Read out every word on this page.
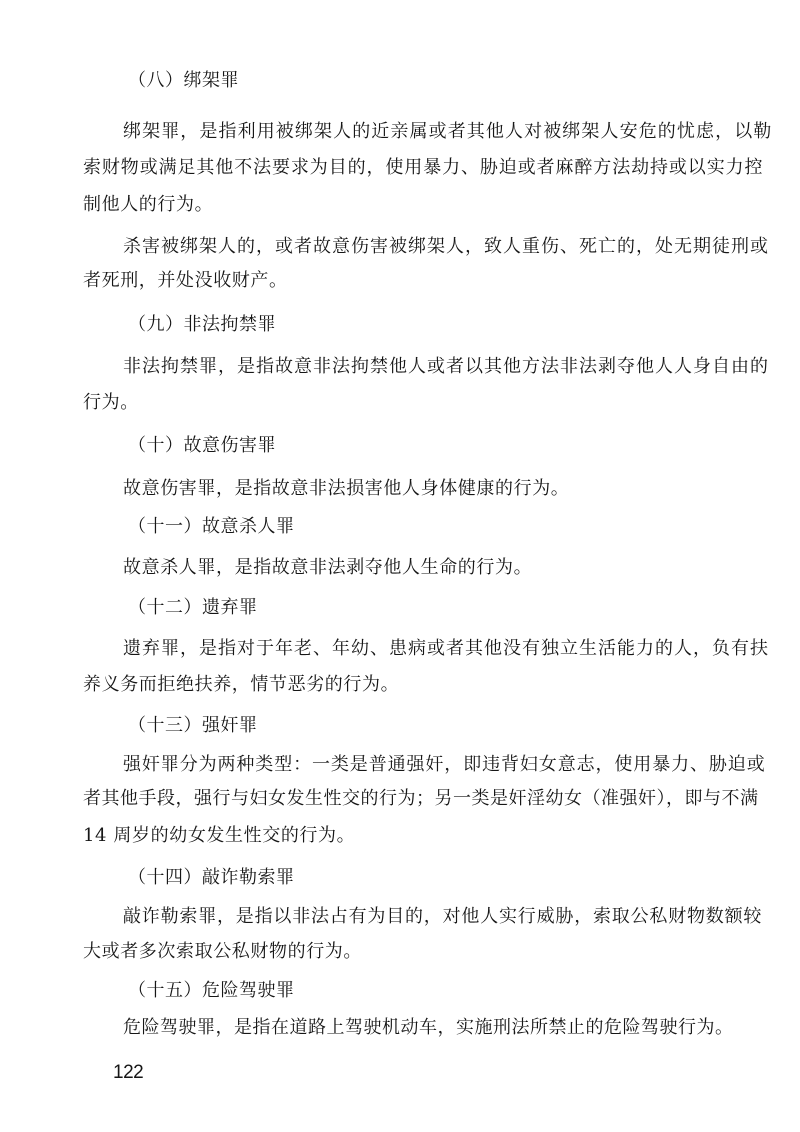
（八）绑架罪
绑架罪，是指利用被绑架人的近亲属或者其他人对被绑架人安危的忧虑，以勒
索财物或满足其他不法要求为目的，使用暴力、胁迫或者麻醉方法劫持或以实力控
制他人的行为。
杀害被绑架人的，或者故意伤害被绑架人，致人重伤、死亡的，处无期徒刑或
者死刑，并处没收财产。
（九）非法拘禁罪
非法拘禁罪，是指故意非法拘禁他人或者以其他方法非法剥夺他人人身自由的
行为。
（十）故意伤害罪
故意伤害罪，是指故意非法损害他人身体健康的行为。
（十一）故意杀人罪
故意杀人罪，是指故意非法剥夺他人生命的行为。
（十二）遗弃罪
遗弃罪，是指对于年老、年幼、患病或者其他没有独立生活能力的人，负有扶
养义务而拒绝扶养，情节恶劣的行为。
（十三）强奸罪
强奸罪分为两种类型：一类是普通强奸，即违背妇女意志，使用暴力、胁迫或
者其他手段，强行与妇女发生性交的行为；另一类是奸淫幼女（准强奸），即与不满
14 周岁的幼女发生性交的行为。
（十四）敲诈勒索罪
敲诈勒索罪，是指以非法占有为目的，对他人实行威胁，索取公私财物数额较
大或者多次索取公私财物的行为。
（十五）危险驾驶罪
危险驾驶罪，是指在道路上驾驶机动车，实施刑法所禁止的危险驾驶行为。
122
